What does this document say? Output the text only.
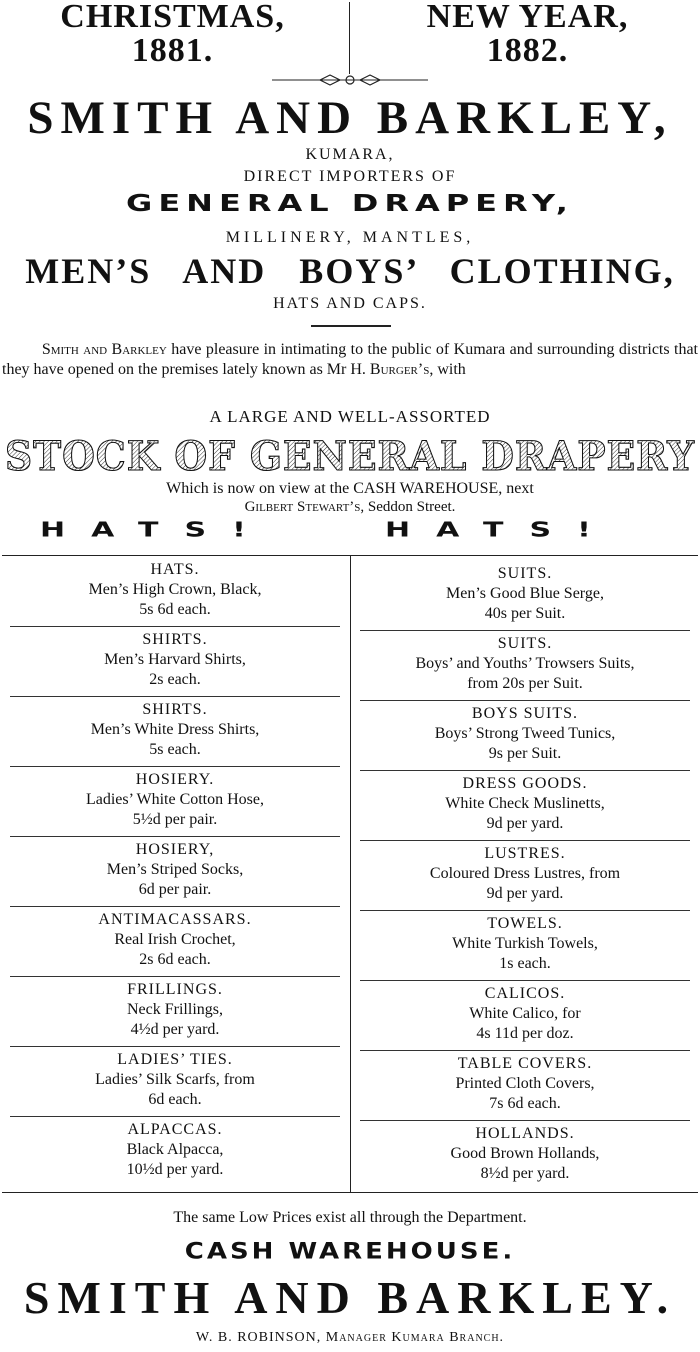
CHRISTMAS,
1881.
NEW YEAR,
1882.
SMITH AND BARKLEY,
KUMARA,
DIRECT IMPORTERS OF
GENERAL DRAPERY,
MILLINERY, MANTLES,
MEN’S AND BOYS’ CLOTHING,
HATS AND CAPS.
Smith and Barkley have pleasure in intimating to the public of Kumara and surrounding districts that they have opened on the premises lately known as Mr H. Burger’s, with
A LARGE AND WELL-ASSORTED
STOCK OF GENERAL DRAPERY
Which is now on view at the CASH WAREHOUSE, next
Gilbert Stewart’s, Seddon Street.
HATS!	HATS!
HATS.
Men’s High Crown, Black,
5s 6d each.
SHIRTS.
Men’s Harvard Shirts,
2s each.
SHIRTS.
Men’s White Dress Shirts,
5s each.
HOSIERY.
Ladies’ White Cotton Hose,
5½d per pair.
HOSIERY,
Men’s Striped Socks,
6d per pair.
ANTIMACASSARS.
Real Irish Crochet,
2s 6d each.
FRILLINGS.
Neck Frillings,
4½d per yard.
LADIES’ TIES.
Ladies’ Silk Scarfs, from
6d each.
ALPACCAS.
Black Alpacca,
10½d per yard.
SUITS.
Men’s Good Blue Serge,
40s per Suit.
SUITS.
Boys’ and Youths’ Trowsers Suits,
from 20s per Suit.
BOYS SUITS.
Boys’ Strong Tweed Tunics,
9s per Suit.
DRESS GOODS.
White Check Muslinetts,
9d per yard.
LUSTRES.
Coloured Dress Lustres, from
9d per yard.
TOWELS.
White Turkish Towels,
1s each.
CALICOS.
White Calico, for
4s 11d per doz.
TABLE COVERS.
Printed Cloth Covers,
7s 6d each.
HOLLANDS.
Good Brown Hollands,
8½d per yard.
The same Low Prices exist all through the Department.
CASH WAREHOUSE.
SMITH AND BARKLEY.
W. B. ROBINSON, Manager Kumara Branch.
